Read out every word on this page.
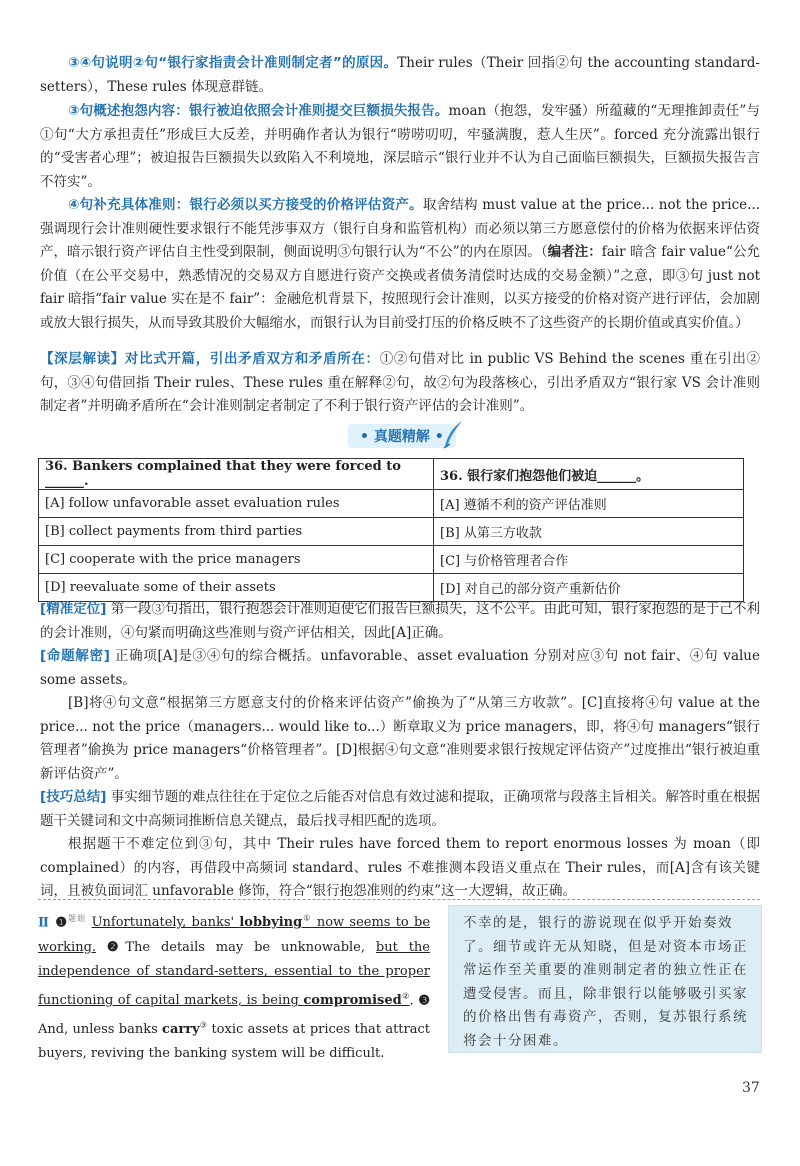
③④句说明②句“银行家指责会计准则制定者”的原因。Their rules（Their 回指②句 the accounting standard-setters），These rules 体现意群链。

③句概述抱怨内容：银行被迫依照会计准则提交巨额损失报告。moan（抱怨，发牢骚）所蕴藏的“无理推卸责任”与①句“大方承担责任”形成巨大反差，并明确作者认为银行“唠唠叨叨，牢骚满腹，惹人生厌”。forced 充分流露出银行的“受害者心理”；被迫报告巨额损失以致陷入不利境地，深层暗示“银行业并不认为自己面临巨额损失，巨额损失报告言不符实”。

④句补充具体准则：银行必须以买方接受的价格评估资产。取舍结构 must value at the price... not the price... 强调现行会计准则硬性要求银行不能凭涉事双方（银行自身和监管机构）而必须以第三方愿意偿付的价格为依据来评估资产，暗示银行资产评估自主性受到限制，侧面说明③句银行认为“不公”的内在原因。（编者注：fair 暗含 fair value“公允价值（在公平交易中，熟悉情况的交易双方自愿进行资产交换或者债务清偿时达成的交易金额）”之意，即③句 just not fair 暗指“fair value 实在是不 fair”：金融危机背景下，按照现行会计准则，以买方接受的价格对资产进行评估，会加剧或放大银行损失，从而导致其股价大幅缩水，而银行认为目前受打压的价格反映不了这些资产的长期价值或真实价值。）

【深层解读】对比式开篇，引出矛盾双方和矛盾所在：①②句借对比 in public VS Behind the scenes 重在引出②句，③④句借回指 Their rules、These rules 重在解释②句，故②句为段落核心，引出矛盾双方“银行家 VS 会计准则制定者”并明确矛盾所在“会计准则制定者制定了不利于银行资产评估的会计准则”。

• 真题精解 •
36. Bankers complained that they were forced to ______.	36. 银行家们抱怨他们被迫______。
[A] follow unfavorable asset evaluation rules	[A] 遵循不利的资产评估准则
[B] collect payments from third parties	[B] 从第三方收款
[C] cooperate with the price managers	[C] 与价格管理者合作
[D] reevaluate some of their assets	[D] 对自己的部分资产重新估价

[精准定位] 第一段③句指出，银行抱怨会计准则迫使它们报告巨额损失，这不公平。由此可知，银行家抱怨的是于己不利的会计准则，④句紧而明确这些准则与资产评估相关，因此[A]正确。

[命题解密] 正确项[A]是③④句的综合概括。unfavorable、asset evaluation 分别对应③句 not fair、④句 value some assets。

[B]将④句文意“根据第三方愿意支付的价格来评估资产”偷换为了“从第三方收款”。[C]直接将④句 value at the price... not the price（managers... would like to...）断章取义为 price managers，即，将④句 managers“银行管理者”偷换为 price managers“价格管理者”。[D]根据④句文意“准则要求银行按规定评估资产”过度推出“银行被迫重新评估资产”。

[技巧总结] 事实细节题的难点往往在于定位之后能否对信息有效过滤和提取，正确项常与段落主旨相关。解答时重在根据题干关键词和文中高频词推断信息关键点，最后找寻相匹配的选项。

根据题干不难定位到③句，其中 Their rules have forced them to report enormous losses 为 moan（即 complained）的内容，再借段中高频词 standard、rules 不难推测本段语义重点在 Their rules，而[A]含有该关键词，且被负面词汇 unfavorable 修饰，符合“银行抱怨准则的约束”这一大逻辑，故正确。

Ⅱ ❶$^{题眼}$ Unfortunately, banks' lobbying① now seems to be working. ❷The details may be unknowable, but the independence of standard-setters, essential to the proper functioning of capital markets, is being compromised②. ❸ And, unless banks carry③ toxic assets at prices that attract buyers, reviving the banking system will be difficult.
不幸的是，银行的游说现在似乎开始奏效了。细节或许无从知晓，但是对资本市场正常运作至关重要的准则制定者的独立性正在遭受侵害。而且，除非银行以能够吸引买家的价格出售有毒资产，否则，复苏银行系统将会十分困难。
37
